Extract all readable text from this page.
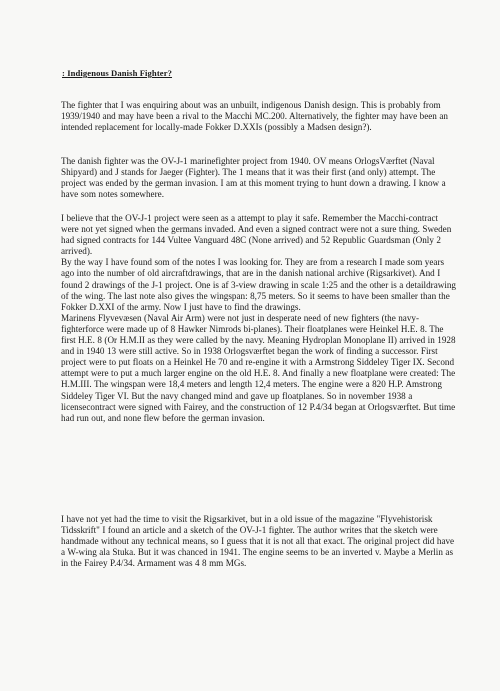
: Indigenous Danish Fighter?

The fighter that I was enquiring about was an unbuilt, indigenous Danish design. This is probably from 1939/1940 and may have been a rival to the Macchi MC.200. Alternatively, the fighter may have been an intended replacement for locally-made Fokker D.XXIs (possibly a Madsen design?).

The danish fighter was the OV-J-1 marinefighter project from 1940. OV means OrlogsVærftet (Naval Shipyard) and J stands for Jaeger (Fighter). The 1 means that it was their first (and only) attempt. The project was ended by the german invasion. I am at this moment trying to hunt down a drawing. I know a have som notes somewhere.

I believe that the OV-J-1 project were seen as a attempt to play it safe. Remember the Macchi-contract were not yet signed when the germans invaded. And even a signed contract were not a sure thing. Sweden had signed contracts for 144 Vultee Vanguard 48C (None arrived) and 52 Republic Guardsman (Only 2 arrived).
By the way I have found som of the notes I was looking for. They are from a research I made som years ago into the number of old aircraftdrawings, that are in the danish national archive (Rigsarkivet). And I found 2 drawings of the J-1 project. One is af 3-view drawing in scale 1:25 and the other is a detaildrawing of the wing. The last note also gives the wingspan: 8,75 meters. So it seems to have been smaller than the Fokker D.XXI of the army. Now I just have to find the drawings.
Marinens Flyvevæsen (Naval Air Arm) were not just in desperate need of new fighters (the navy-fighterforce were made up of 8 Hawker Nimrods bi-planes). Their floatplanes were Heinkel H.E. 8. The first H.E. 8 (Or H.M.II as they were called by the navy. Meaning Hydroplan Monoplane II) arrived in 1928 and in 1940 13 were still active. So in 1938 Orlogsværftet began the work of finding a successor. First project were to put floats on a Heinkel He 70 and re-engine it with a Armstrong Siddeley Tiger IX. Second attempt were to put a much larger engine on the old H.E. 8. And finally a new floatplane were created: The H.M.III. The wingspan were 18,4 meters and length 12,4 meters. The engine were a 820 H.P. Amstrong Siddeley Tiger VI. But the navy changed mind and gave up floatplanes. So in november 1938 a licensecontract were signed with Fairey, and the construction of 12 P.4/34 began at Orlogsværftet. But time had run out, and none flew before the german invasion.

I have not yet had the time to visit the Rigsarkivet, but in a old issue of the magazine "Flyvehistorisk Tidsskrift" I found an article and a sketch of the OV-J-1 fighter. The author writes that the sketch were handmade without any technical means, so I guess that it is not all that exact. The original project did have a W-wing ala Stuka. But it was chanced in 1941. The engine seems to be an inverted v. Maybe a Merlin as in the Fairey P.4/34. Armament was 4 8 mm MGs.
